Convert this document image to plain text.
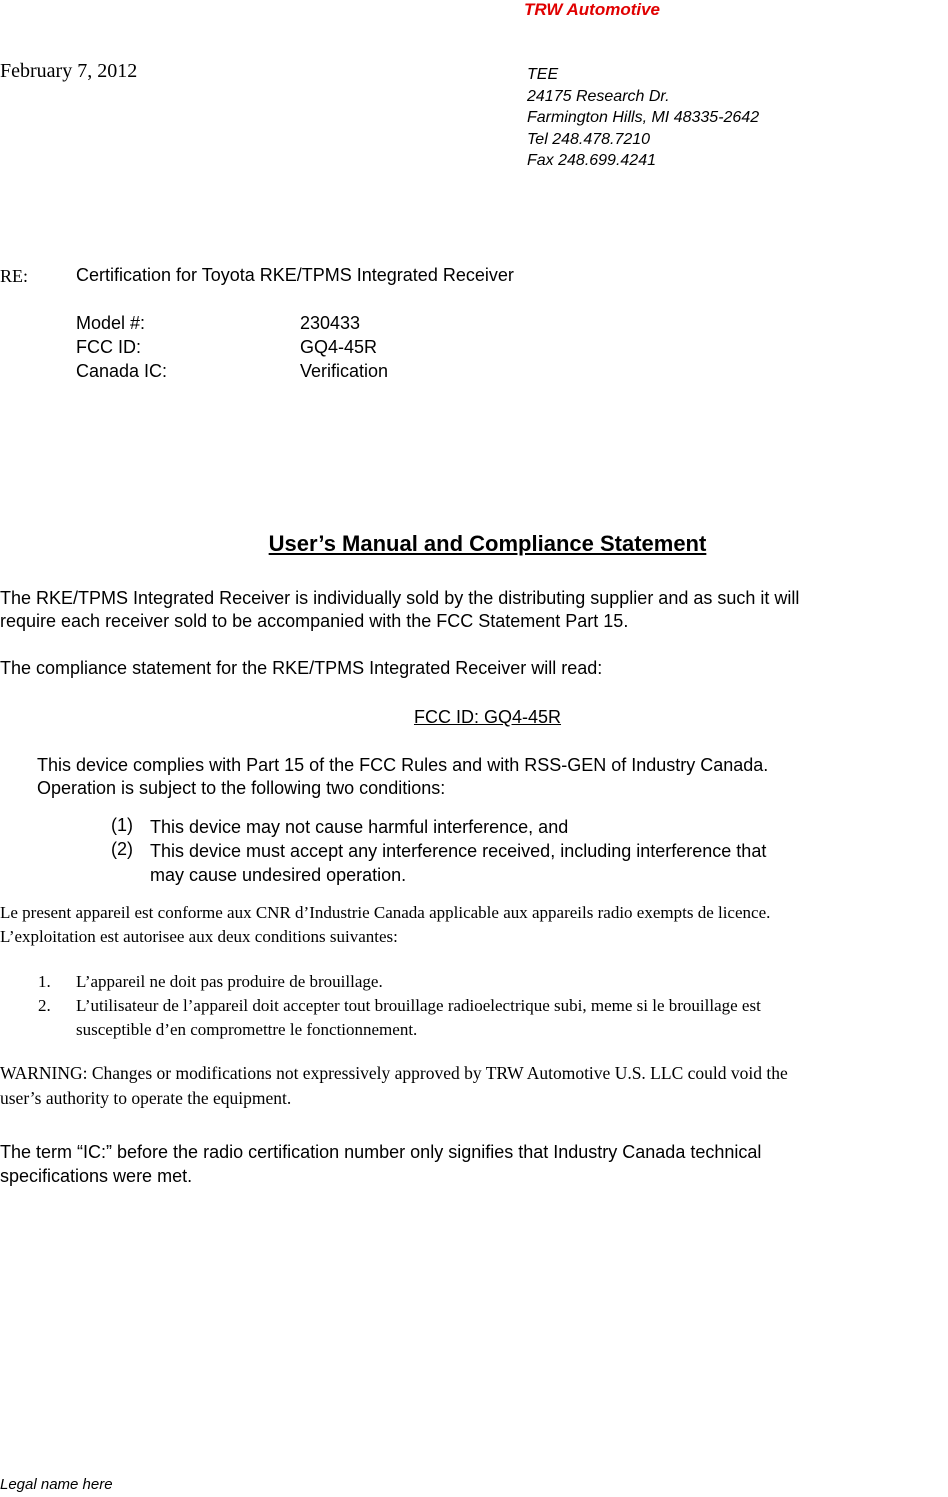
TRW Automotive
February 7, 2012	TEE
24175 Research Dr.
Farmington Hills, MI 48335-2642
Tel 248.478.7210
Fax 248.699.4241
RE:	Certification for Toyota RKE/TPMS Integrated Receiver
Model #:	230433
FCC ID:	GQ4-45R
Canada IC:	Verification
User’s Manual and Compliance Statement
The RKE/TPMS Integrated Receiver is individually sold by the distributing supplier and as such it will
require each receiver sold to be accompanied with the FCC Statement Part 15.
The compliance statement for the RKE/TPMS Integrated Receiver will read:
FCC ID: GQ4-45R
This device complies with Part 15 of the FCC Rules and with RSS-GEN of Industry Canada.
Operation is subject to the following two conditions:
(1) This device may not cause harmful interference, and
(2) This device must accept any interference received, including interference that
may cause undesired operation.
Le present appareil est conforme aux CNR d’Industrie Canada applicable aux appareils radio exempts de licence.
L’exploitation est autorisee aux deux conditions suivantes:
1. L’appareil ne doit pas produire de brouillage.
2. L’utilisateur de l’appareil doit accepter tout brouillage radioelectrique subi, meme si le brouillage est
susceptible d’en compromettre le fonctionnement.
WARNING: Changes or modifications not expressively approved by TRW Automotive U.S. LLC could void the
user’s authority to operate the equipment.
The term “IC:” before the radio certification number only signifies that Industry Canada technical
specifications were met.
Legal name here
